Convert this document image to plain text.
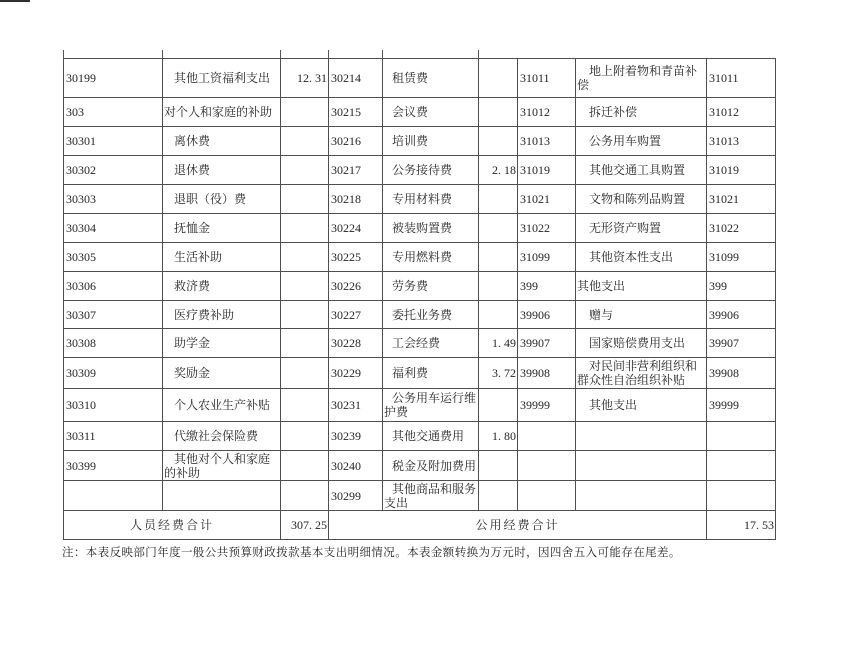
30199	其他工资福利支出	12. 31	30214	租赁费		31011	地上附着物和青苗补偿	31011
303	对个人和家庭的补助		30215	会议费		31012	拆迁补偿	31012
30301	离休费		30216	培训费		31013	公务用车购置	31013
30302	退休费		30217	公务接待费	2. 18	31019	其他交通工具购置	31019
30303	退职（役）费		30218	专用材料费		31021	文物和陈列品购置	31021
30304	抚恤金		30224	被装购置费		31022	无形资产购置	31022
30305	生活补助		30225	专用燃料费		31099	其他资本性支出	31099
30306	救济费		30226	劳务费		399	其他支出	399
30307	医疗费补助		30227	委托业务费		39906	赠与	39906
30308	助学金		30228	工会经费	1. 49	39907	国家赔偿费用支出	39907
30309	奖励金		30229	福利费	3. 72	39908	对民间非营利组织和群众性自治组织补贴	39908
30310	个人农业生产补贴		30231	公务用车运行维护费		39999	其他支出	39999
30311	代缴社会保险费		30239	其他交通费用	1. 80			
30399	其他对个人和家庭的补助		30240	税金及附加费用				
			30299	其他商品和服务支出				
人员经费合计		307. 25	公用经费合计					17. 53
注：本表反映部门年度一般公共预算财政拨款基本支出明细情况。本表金额转换为万元时，因四舍五入可能存在尾差。
